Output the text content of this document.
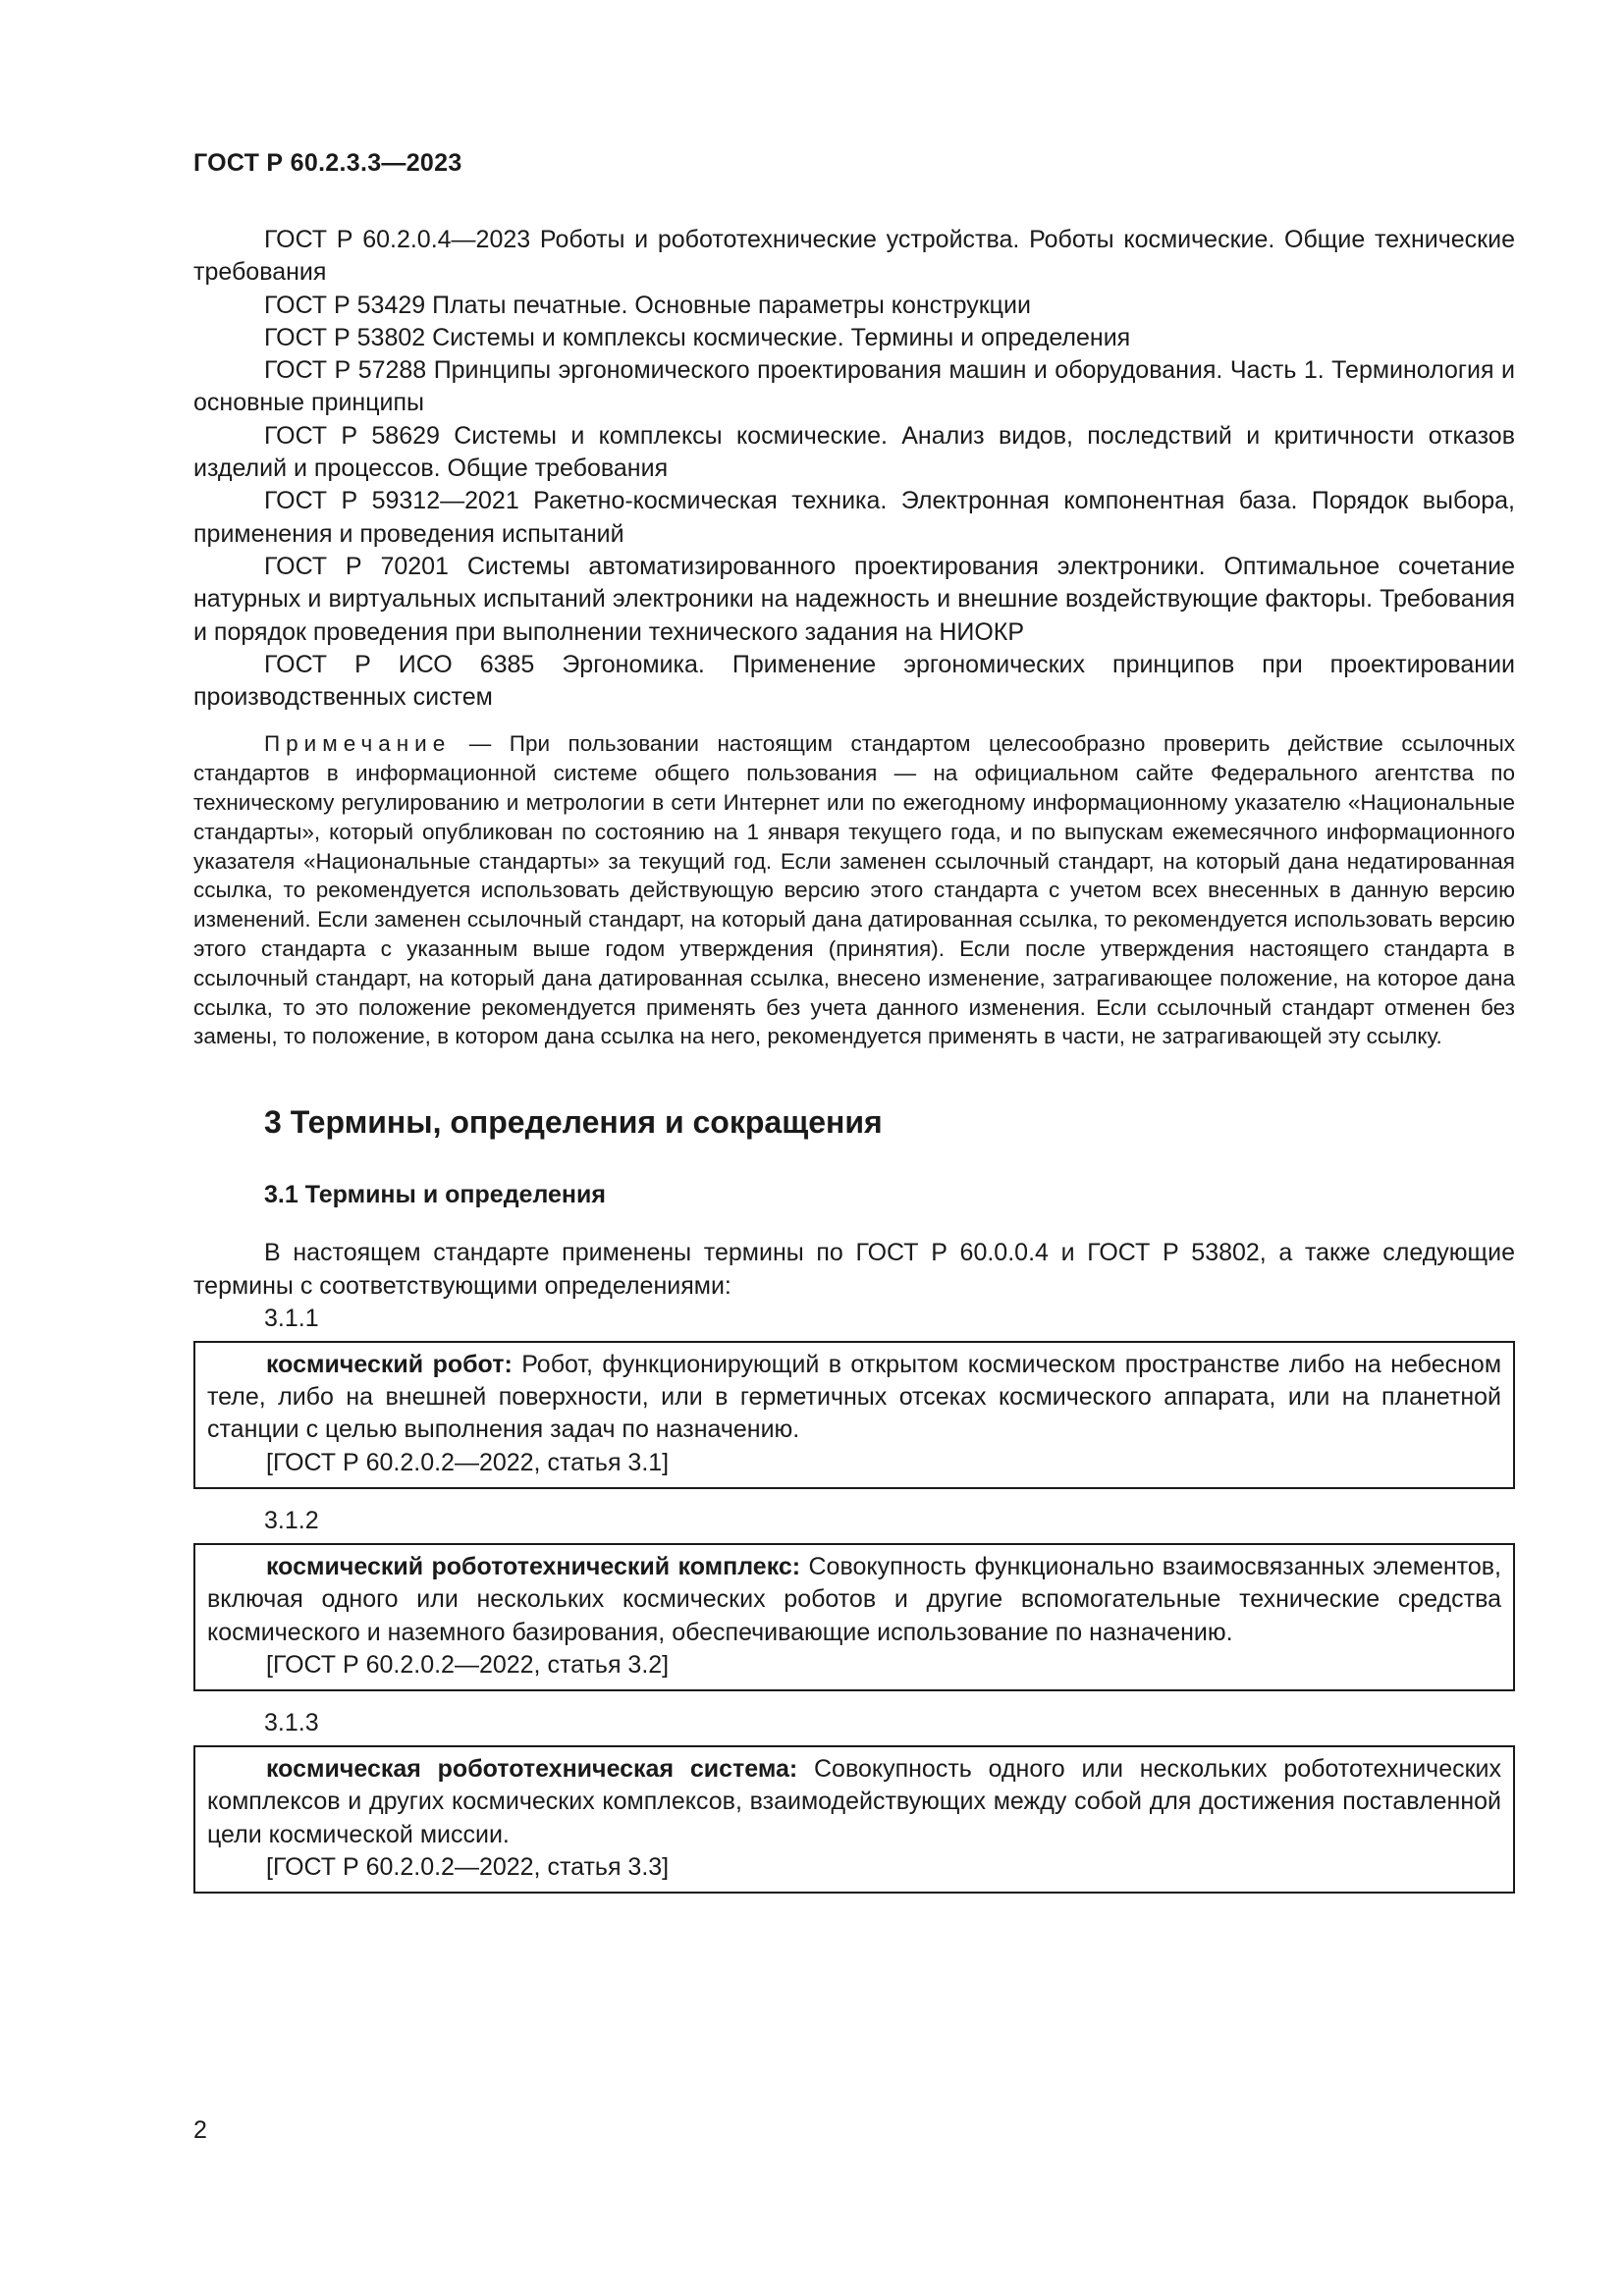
ГОСТ Р 60.2.3.3—2023

ГОСТ Р 60.2.0.4—2023 Роботы и робототехнические устройства. Роботы космические. Общие технические требования

ГОСТ Р 53429 Платы печатные. Основные параметры конструкции

ГОСТ Р 53802 Системы и комплексы космические. Термины и определения

ГОСТ Р 57288 Принципы эргономического проектирования машин и оборудования. Часть 1. Терминология и основные принципы

ГОСТ Р 58629 Системы и комплексы космические. Анализ видов, последствий и критичности отказов изделий и процессов. Общие требования

ГОСТ Р 59312—2021 Ракетно-космическая техника. Электронная компонентная база. Порядок выбора, применения и проведения испытаний

ГОСТ Р 70201 Системы автоматизированного проектирования электроники. Оптимальное сочетание натурных и виртуальных испытаний электроники на надежность и внешние воздействующие факторы. Требования и порядок проведения при выполнении технического задания на НИОКР

ГОСТ Р ИСО 6385 Эргономика. Применение эргономических принципов при проектировании производственных систем

Примечание — При пользовании настоящим стандартом целесообразно проверить действие ссылочных стандартов в информационной системе общего пользования — на официальном сайте Федерального агентства по техническому регулированию и метрологии в сети Интернет или по ежегодному информационному указателю «Национальные стандарты», который опубликован по состоянию на 1 января текущего года, и по выпускам ежемесячного информационного указателя «Национальные стандарты» за текущий год. Если заменен ссылочный стандарт, на который дана недатированная ссылка, то рекомендуется использовать действующую версию этого стандарта с учетом всех внесенных в данную версию изменений. Если заменен ссылочный стандарт, на который дана датированная ссылка, то рекомендуется использовать версию этого стандарта с указанным выше годом утверждения (принятия). Если после утверждения настоящего стандарта в ссылочный стандарт, на который дана датированная ссылка, внесено изменение, затрагивающее положение, на которое дана ссылка, то это положение рекомендуется применять без учета данного изменения. Если ссылочный стандарт отменен без замены, то положение, в котором дана ссылка на него, рекомендуется применять в части, не затрагивающей эту ссылку.

3 Термины, определения и сокращения
3.1 Термины и определения

В настоящем стандарте применены термины по ГОСТ Р 60.0.0.4 и ГОСТ Р 53802, а также следующие термины с соответствующими определениями:

3.1.1

космический робот: Робот, функционирующий в открытом космическом пространстве либо на небесном теле, либо на внешней поверхности, или в герметичных отсеках космического аппарата, или на планетной станции с целью выполнения задач по назначению.

[ГОСТ Р 60.2.0.2—2022, статья 3.1]
3.1.2

космический робототехнический комплекс: Совокупность функционально взаимосвязанных элементов, включая одного или нескольких космических роботов и другие вспомогательные технические средства космического и наземного базирования, обеспечивающие использование по назначению.

[ГОСТ Р 60.2.0.2—2022, статья 3.2]
3.1.3

космическая робототехническая система: Совокупность одного или нескольких робототехнических комплексов и других космических комплексов, взаимодействующих между собой для достижения поставленной цели космической миссии.

[ГОСТ Р 60.2.0.2—2022, статья 3.3]
2
